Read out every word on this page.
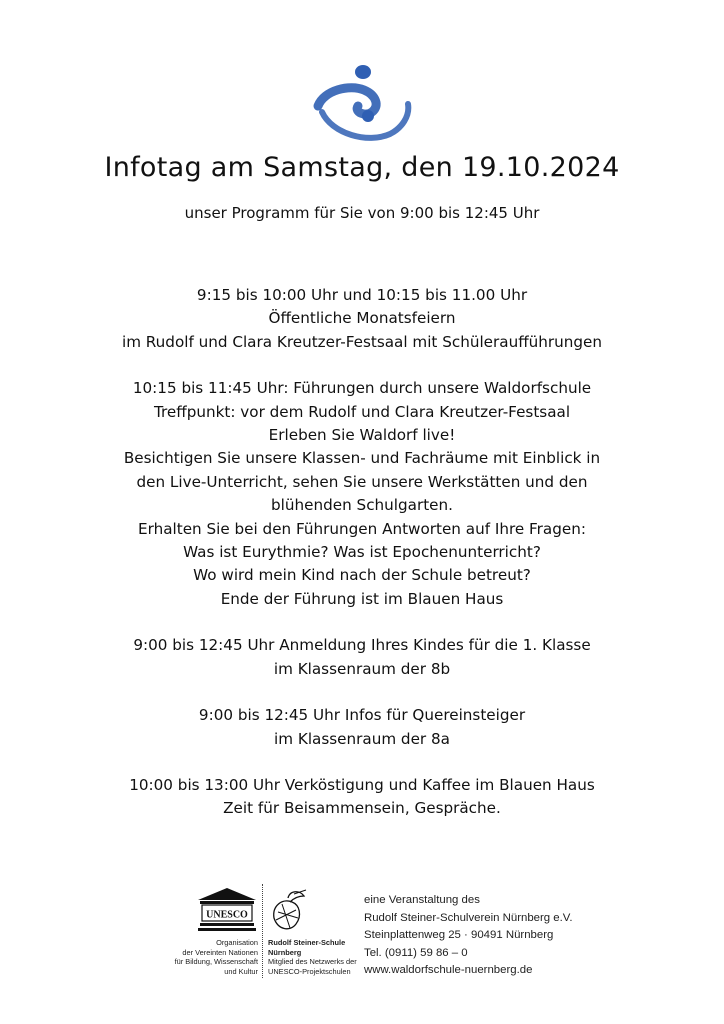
Infotag am Samstag, den 19.10.2024
unser Programm für Sie von 9:00 bis 12:45 Uhr
9:15 bis 10:00 Uhr und 10:15 bis 11.00 Uhr
Öffentliche Monatsfeiern
im Rudolf und Clara Kreutzer-Festsaal mit Schüleraufführungen
10:15 bis 11:45 Uhr: Führungen durch unsere Waldorfschule
Treffpunkt: vor dem Rudolf und Clara Kreutzer-Festsaal
Erleben Sie Waldorf live!
Besichtigen Sie unsere Klassen- und Fachräume mit Einblick in
den Live-Unterricht, sehen Sie unsere Werkstätten und den
blühenden Schulgarten.
Erhalten Sie bei den Führungen Antworten auf Ihre Fragen:
Was ist Eurythmie? Was ist Epochenunterricht?
Wo wird mein Kind nach der Schule betreut?
Ende der Führung ist im Blauen Haus
9:00 bis 12:45 Uhr Anmeldung Ihres Kindes für die 1. Klasse
im Klassenraum der 8b
9:00 bis 12:45 Uhr Infos für Quereinsteiger
im Klassenraum der 8a
10:00 bis 13:00 Uhr Verköstigung und Kaffee im Blauen Haus
Zeit für Beisammensein, Gespräche.
UNESCO
Organisation
der Vereinten Nationen
für Bildung, Wissenschaft
und Kultur
Rudolf Steiner-Schule
Nürnberg
Mitglied des Netzwerks der
UNESCO-Projektschulen
eine Veranstaltung des
Rudolf Steiner-Schulverein Nürnberg e.V.
Steinplattenweg 25 · 90491 Nürnberg
Tel. (0911) 59 86 – 0
www.waldorfschule-nuernberg.de
